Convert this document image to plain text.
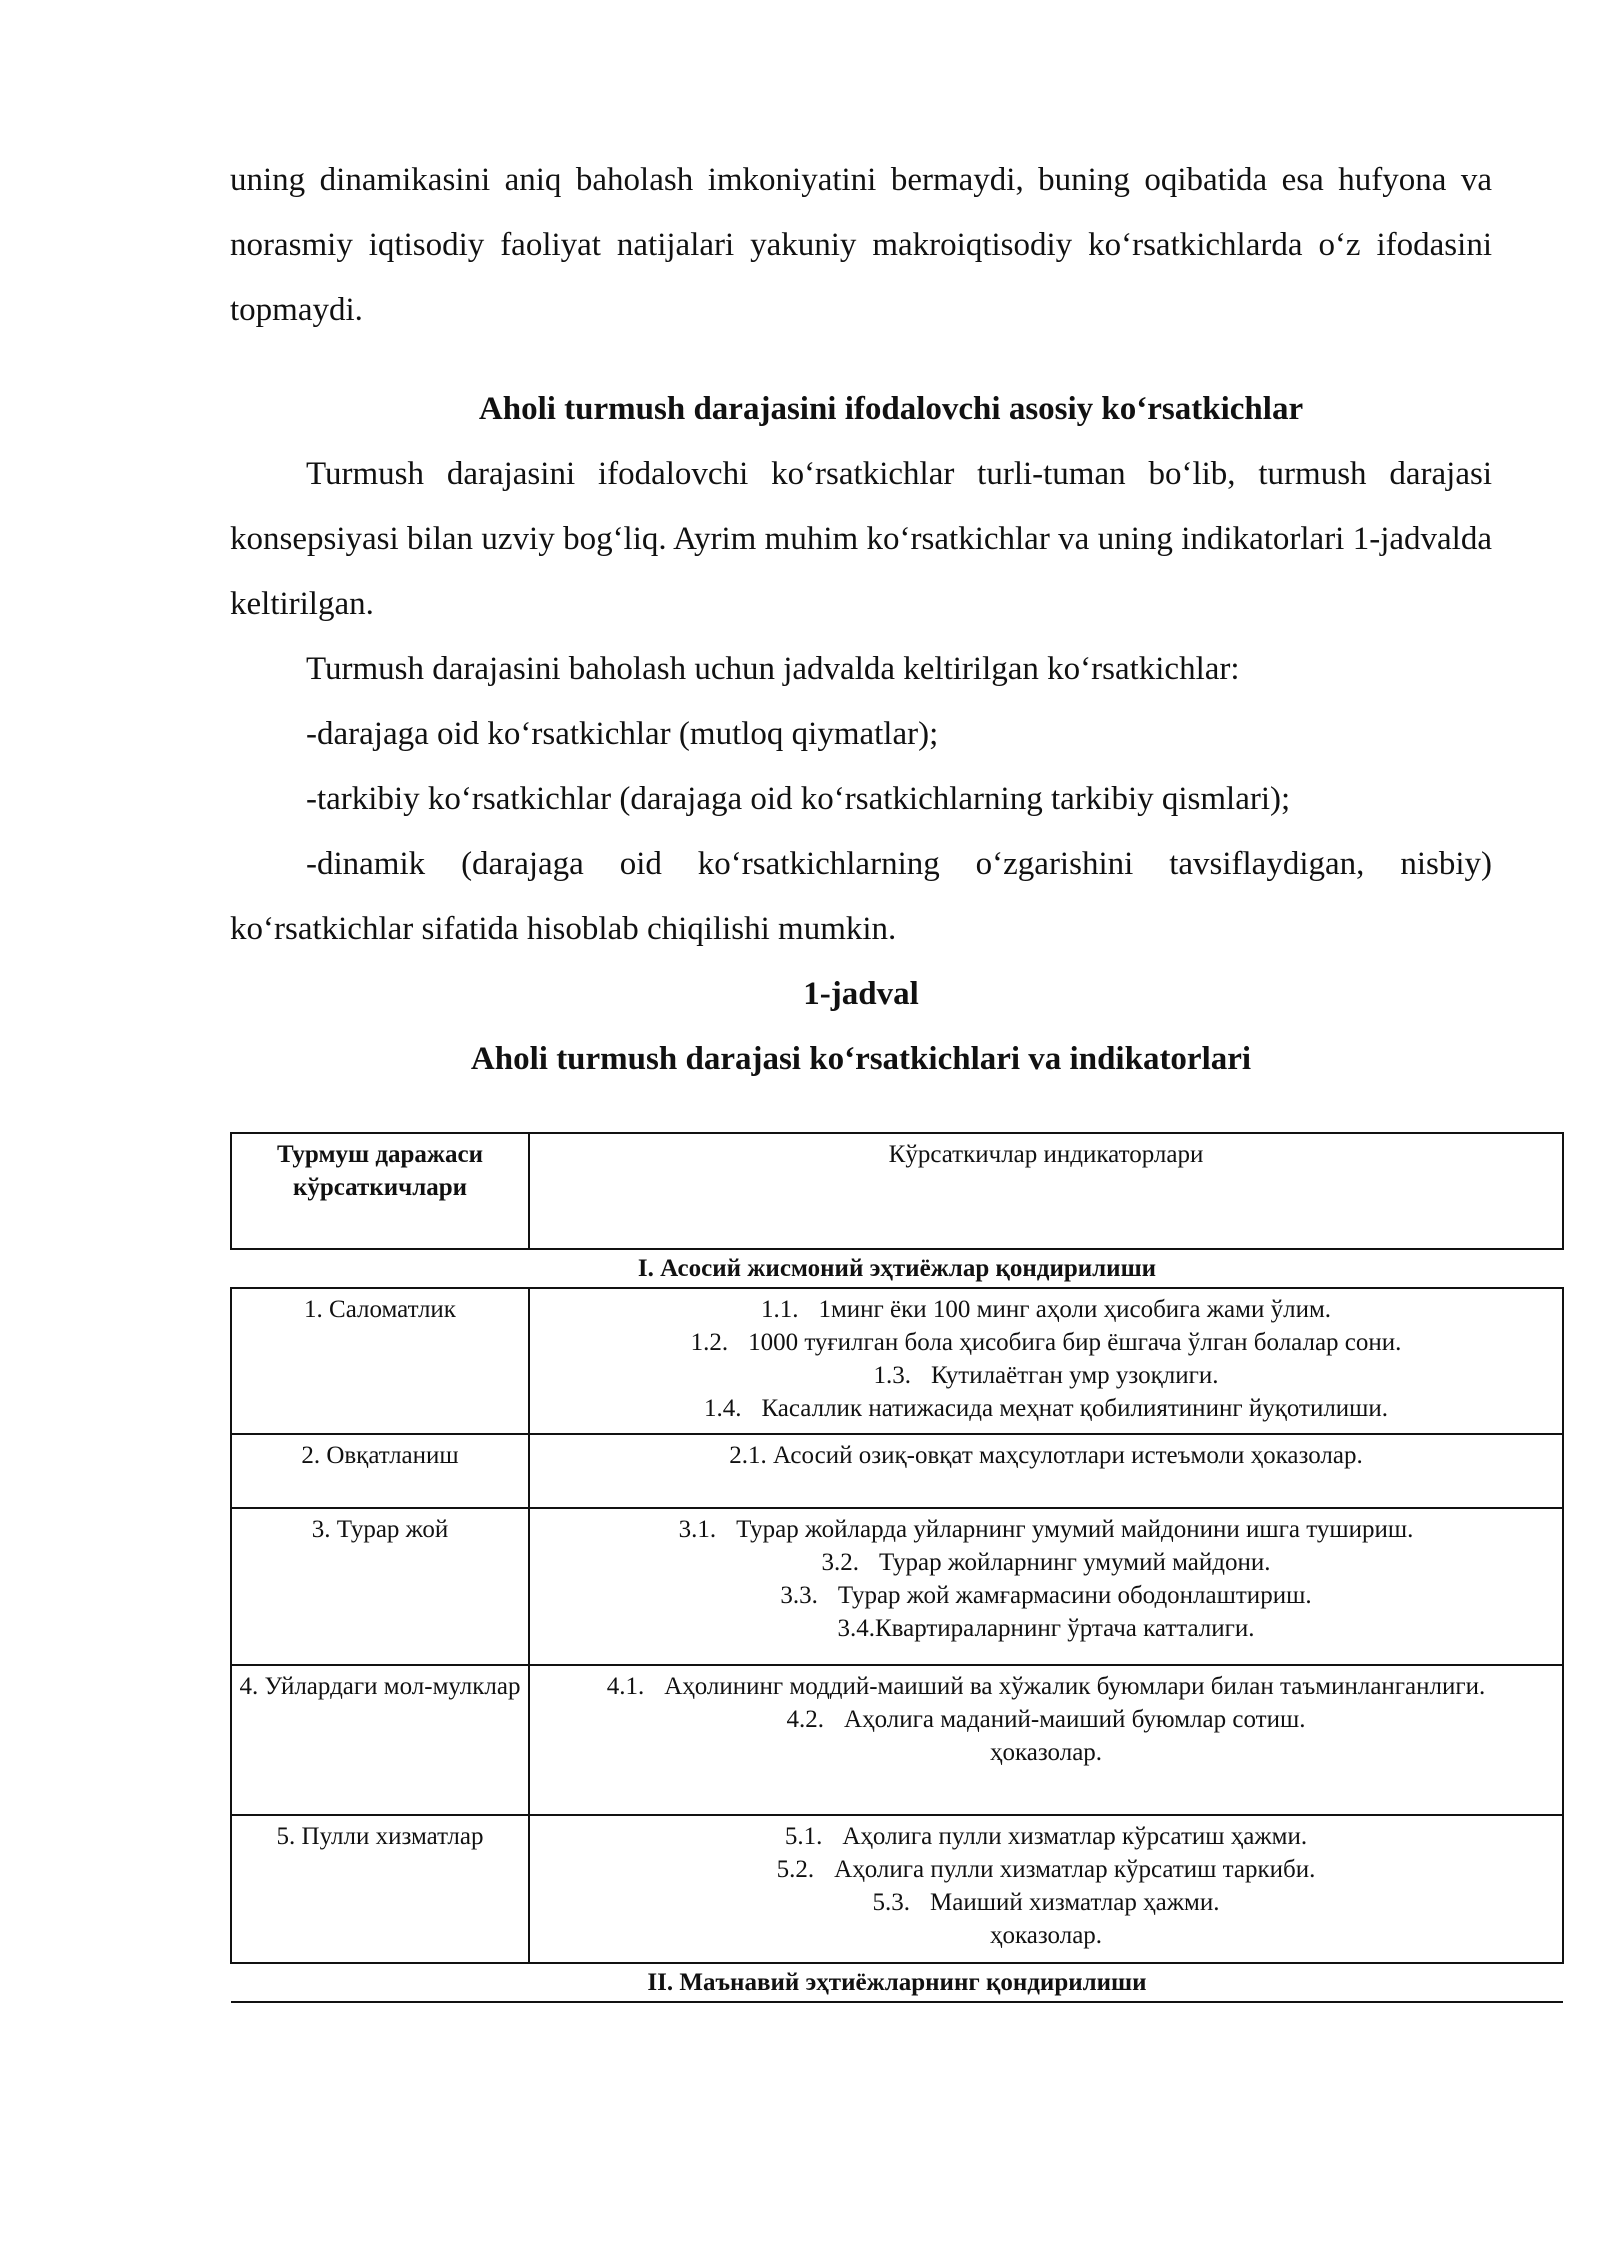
uning dinamikasini aniq baholash imkoniyatini bermaydi, buning oqibatida esa hufyona va norasmiy iqtisodiy faoliyat natijalari yakuniy makroiqtisodiy ko‘rsatkichlarda o‘z ifodasini topmaydi.

Aholi turmush darajasini ifodalovchi asosiy ko‘rsatkichlar

Turmush darajasini ifodalovchi ko‘rsatkichlar turli-tuman bo‘lib, turmush darajasi konsepsiyasi bilan uzviy bog‘liq. Ayrim muhim ko‘rsatkichlar va uning indikatorlari 1-jadvalda keltirilgan.

Turmush darajasini baholash uchun jadvalda keltirilgan ko‘rsatkichlar:

-darajaga oid ko‘rsatkichlar (mutloq qiymatlar);

-tarkibiy ko‘rsatkichlar (darajaga oid ko‘rsatkichlarning tarkibiy qismlari);

-dinamik (darajaga oid ko‘rsatkichlarning o‘zgarishini tavsiflaydigan, nisbiy) ko‘rsatkichlar sifatida hisoblab chiqilishi mumkin.

1-jadval

Aholi turmush darajasi ko‘rsatkichlari va indikatorlari

Турмуш даражаси кўрсаткичлари	Кўрсаткичлар индикаторлари
I. Асосий жисмоний эҳтиёжлар қондирилиши	
1. Саломатлик	1.1. 1минг ёки 100 минг аҳоли ҳисобига жами ўлим.
1.2. 1000 туғилган бола ҳисобига бир ёшгача ўлган болалар сони.
1.3. Кутилаётган умр узоқлиги.
1.4. Касаллик натижасида меҳнат қобилиятининг йуқотилиши.

2. Овқатланиш	2.1. Асосий озиқ-овқат маҳсулотлари истеъмоли ҳоказолар.

3. Турар жой	3.1. Турар жойларда уйларнинг умумий майдонини ишга тушириш.
3.2. Турар жойларнинг умумий майдони.
3.3. Турар жой жамғармасини ободонлаштириш.
3.4.Квартираларнинг ўртача катталиги.

4. Уйлардаги мол-мулклар	4.1. Аҳолининг моддий-маиший ва хўжалик буюмлари билан таъминланганлиги.
4.2. Аҳолига маданий-маиший буюмлар сотиш.
ҳоказолар.

5. Пулли хизматлар	5.1. Аҳолига пулли хизматлар кўрсатиш ҳажми.
5.2. Аҳолига пулли хизматлар кўрсатиш таркиби.
5.3. Маиший хизматлар ҳажми.
ҳоказолар.

II. Маънавий эҳтиёжларнинг қондирилиши	
